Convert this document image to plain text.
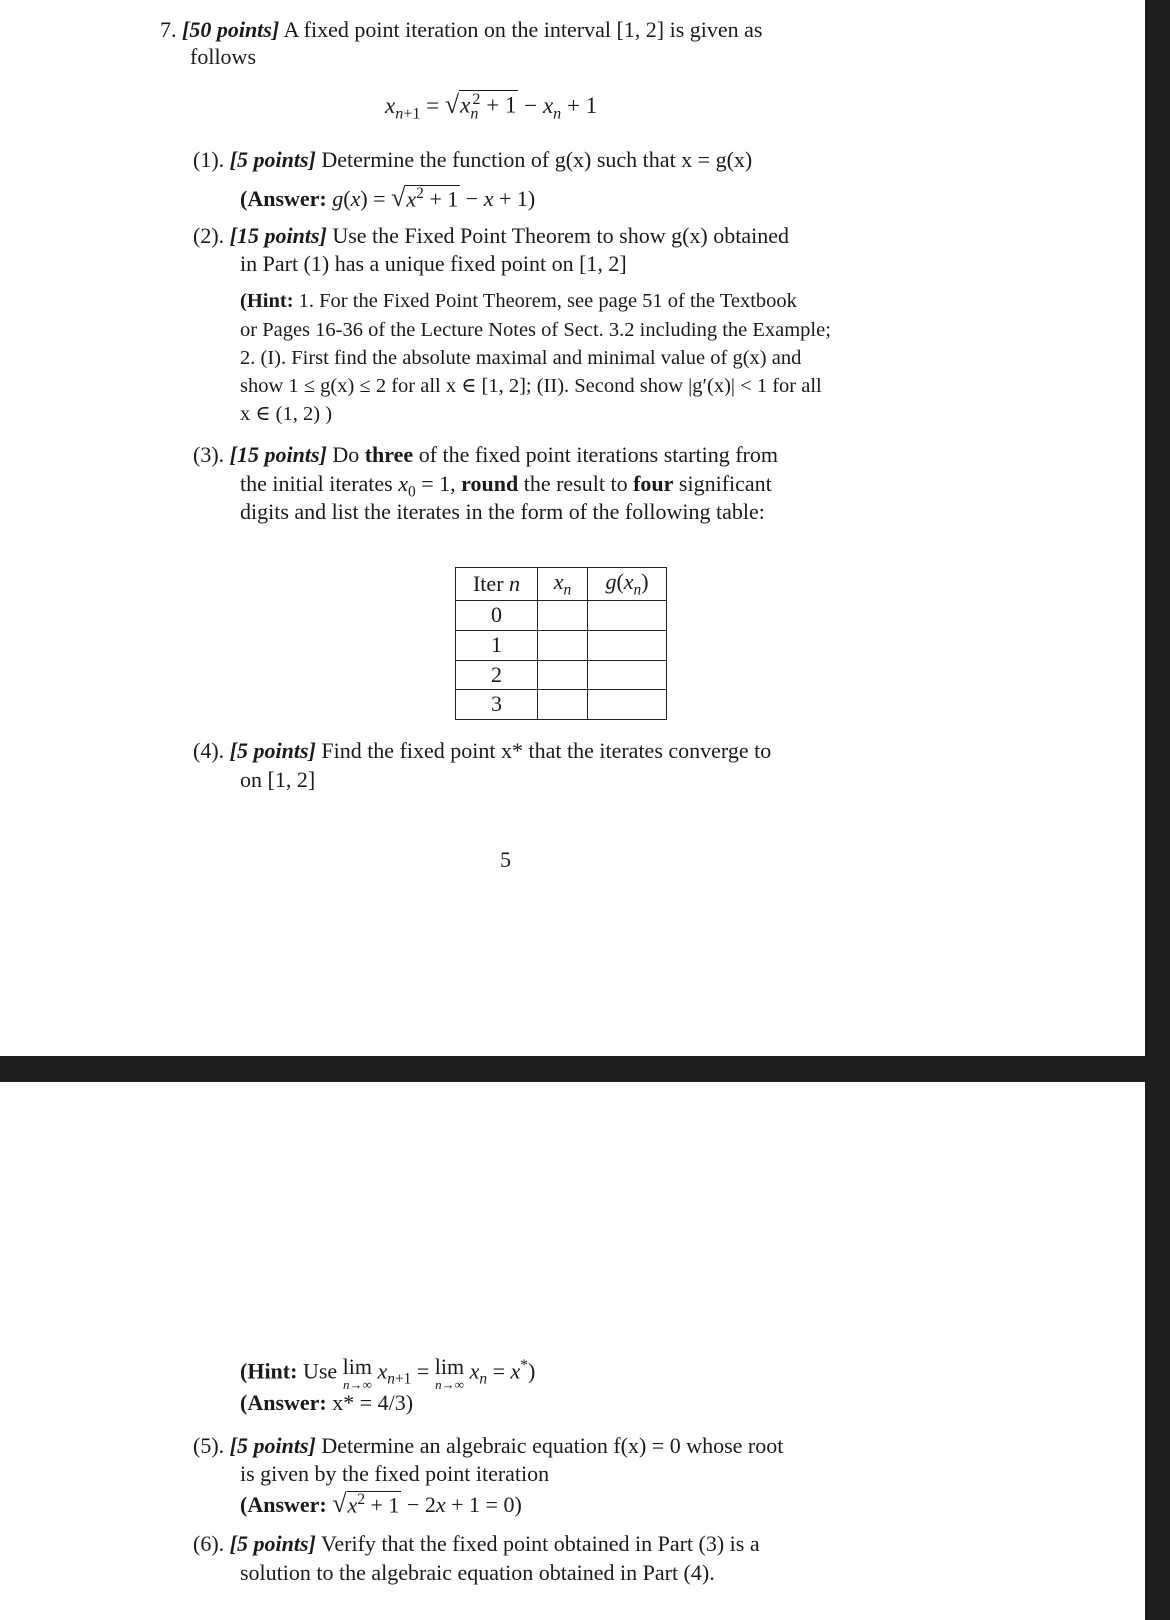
7. [50 points] A fixed point iteration on the interval [1, 2] is given as
follows
$x_{n+1} = √x_n^2 + 1 - x_n + 1$
(1). [5 points] Determine the function of g(x) such that x = g(x)
(Answer: $g(x) = √x^2 + 1 - x + 1$)
(2). [15 points] Use the Fixed Point Theorem to show g(x) obtained
in Part (1) has a unique fixed point on [1, 2]
(Hint: 1. For the Fixed Point Theorem, see page 51 of the Textbook
or Pages 16-36 of the Lecture Notes of Sect. 3.2 including the Example;
2. (I). First find the absolute maximal and minimal value of g(x) and
show 1 ≤ g(x) ≤ 2 for all x ∈ [1, 2]; (II). Second show |g′(x)| < 1 for all
x ∈ (1, 2) )
(3). [15 points] Do three of the fixed point iterations starting from
the initial iterates $x_0 = 1$, round the result to four significant
digits and list the iterates in the form of the following table:
Iter n	$x_n$	$g(x_n)$
0		
1		
2		
3		
(4). [5 points] Find the fixed point x* that the iterates converge to
on [1, 2]
5
(Hint: Use lim
n→∞
$x_{n+1} = \lim$
n→∞
$x_n = x^*$)
(Answer: x* = 4/3)
(5). [5 points] Determine an algebraic equation f(x) = 0 whose root
is given by the fixed point iteration
(Answer: $√x^2 + 1 - 2x + 1 = 0$)
(6). [5 points] Verify that the fixed point obtained in Part (3) is a
solution to the algebraic equation obtained in Part (4).
